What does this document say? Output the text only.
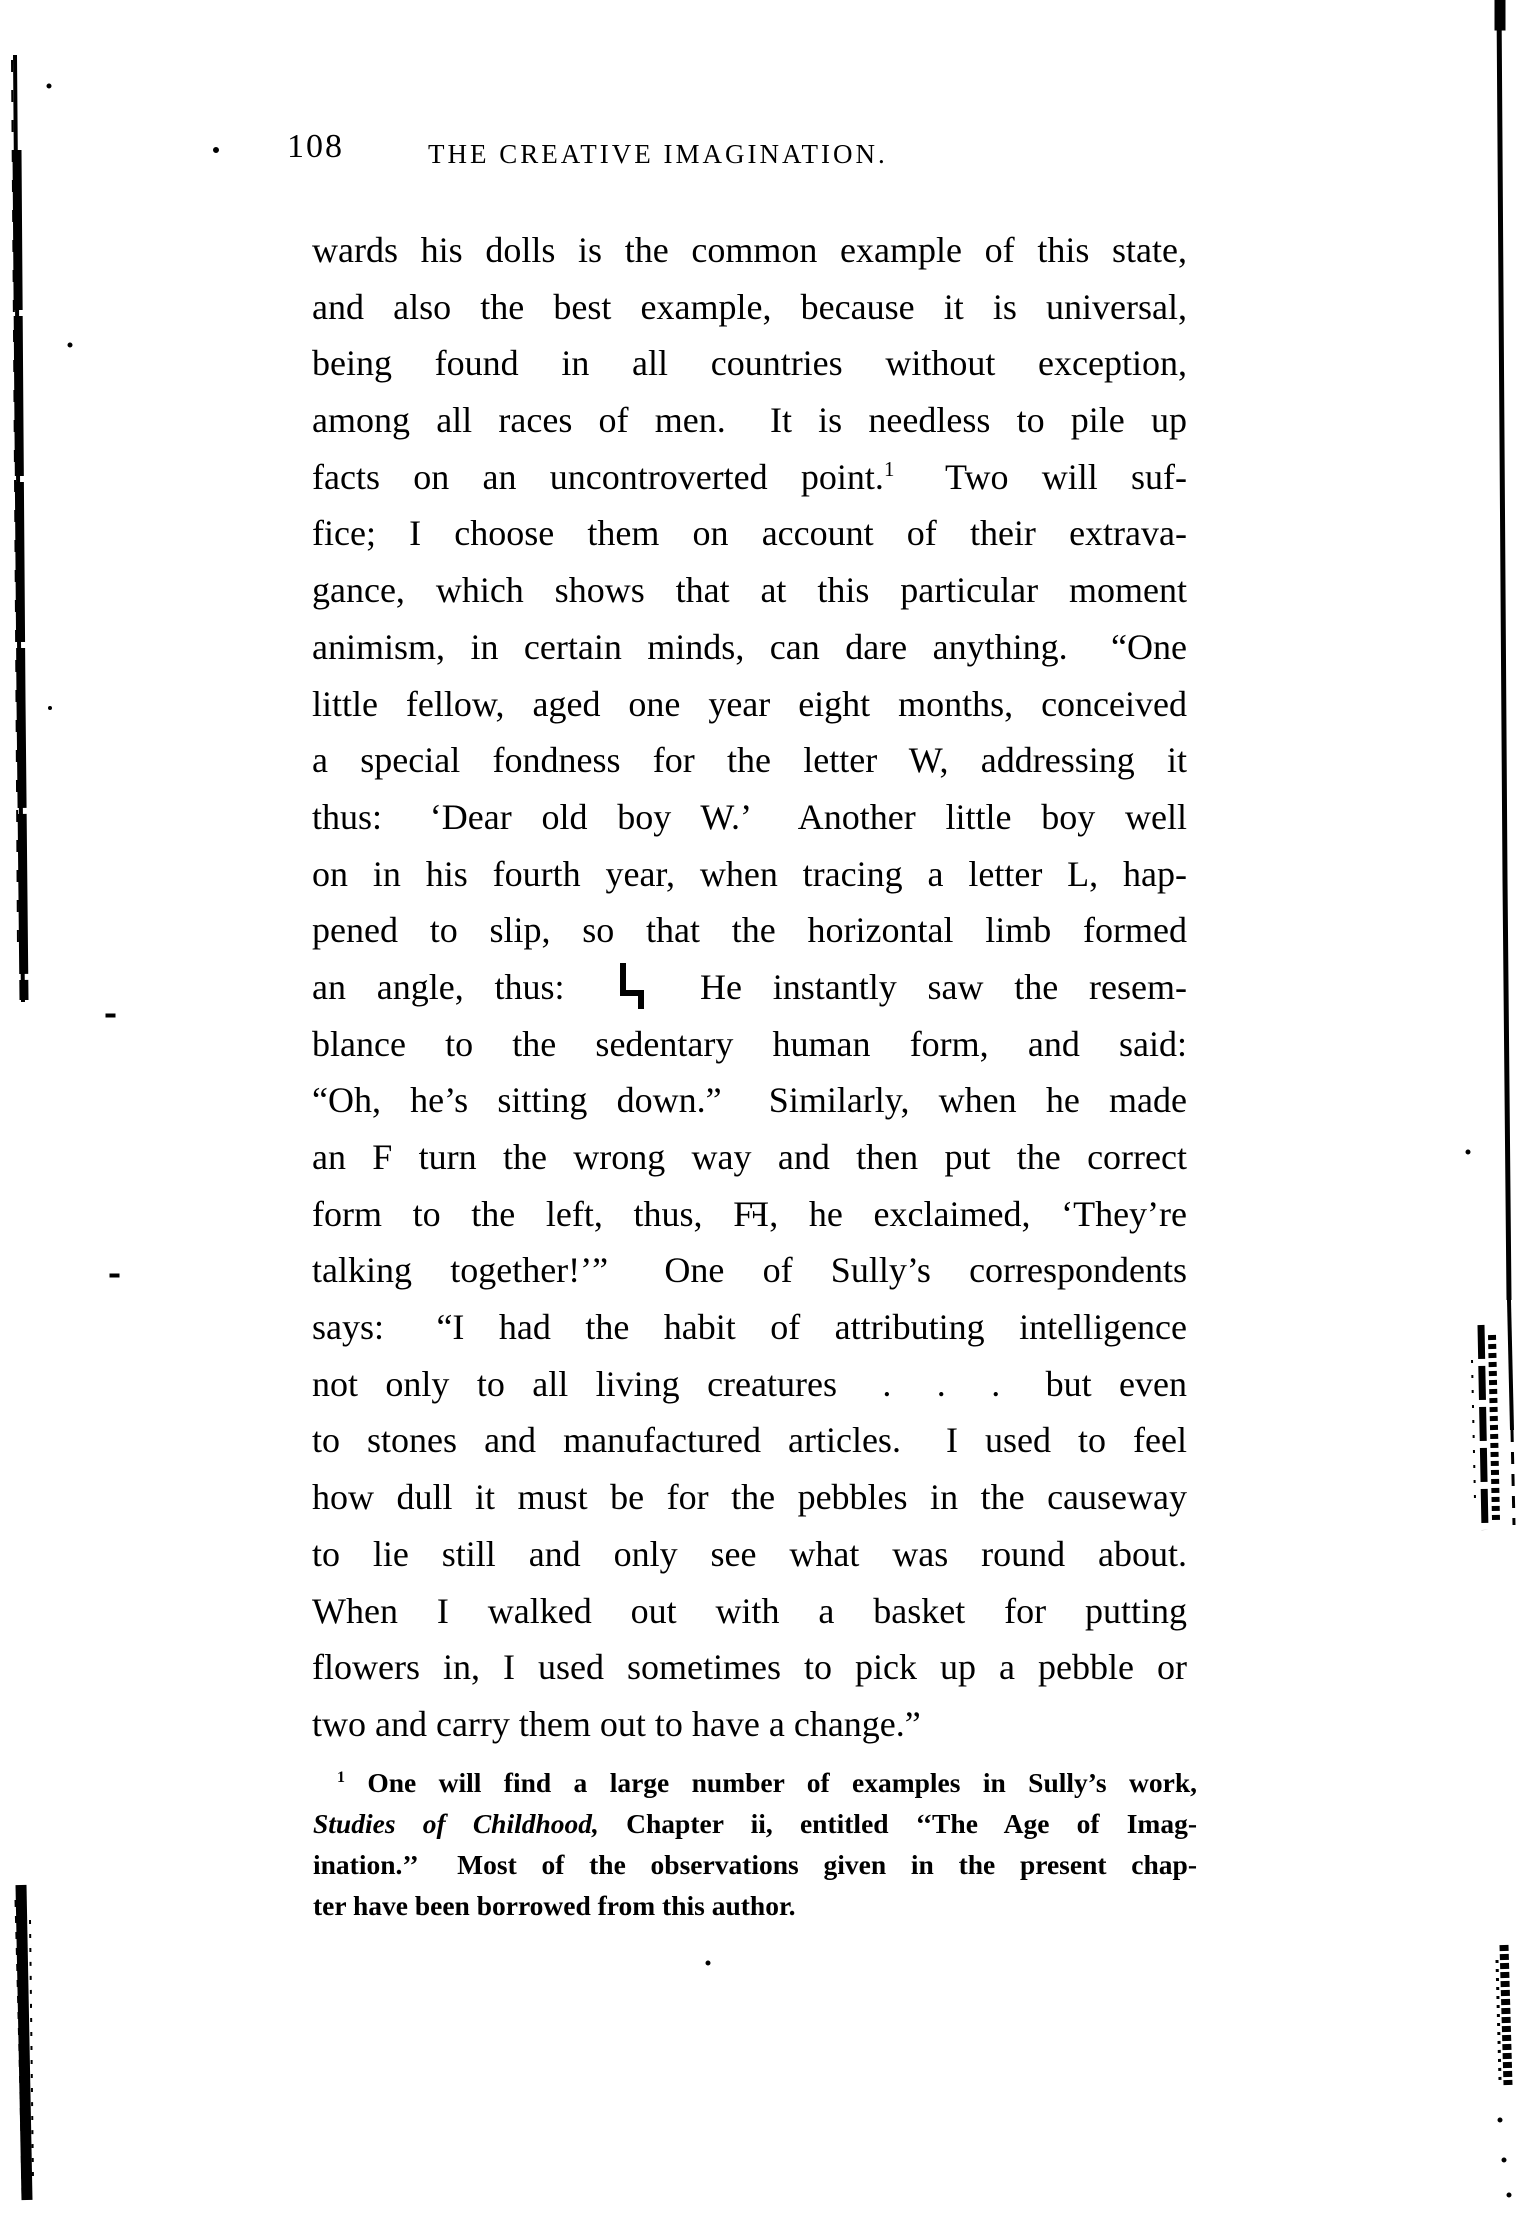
108	THE CREATIVE IMAGINATION.
wards his dolls is the common example of this state,
and also the best example, because it is universal,
being found in all countries without exception,
among all races of men.  It is needless to pile up
facts on an uncontroverted point.$^1$  Two will suf-
fice; I choose them on account of their extrava-
gance, which shows that at this particular moment
animism, in certain minds, can dare anything.  “One
little fellow, aged one year eight months, conceived
a special fondness for the letter W, addressing it
thus:  ‘Dear old boy W.’  Another little boy well
on in his fourth year, when tracing a letter L, hap-
pened to slip, so that the horizontal limb formed
an angle, thus:    He instantly saw the resem-
blance to the sedentary human form, and said:
“Oh, he’s sitting down.”  Similarly, when he made
an F turn the wrong way and then put the correct
form to the left, thus, FF, he exclaimed, ‘They’re
talking together!’”  One of Sully’s correspondents
says:  “I had the habit of attributing intelligence
not only to all living creatures  .  .  .  but even
to stones and manufactured articles.  I used to feel
how dull it must be for the pebbles in the causeway
to lie still and only see what was round about.
When I walked out with a basket for putting
flowers in, I used sometimes to pick up a pebble or
two and carry them out to have a change.”
$^1$ One will find a large number of examples in Sully’s work,
Studies of Childhood, Chapter ii, entitled ‘‘The Age of Imag-
ination.’’  Most of the observations given in the present chap-
ter have been borrowed from this author.
